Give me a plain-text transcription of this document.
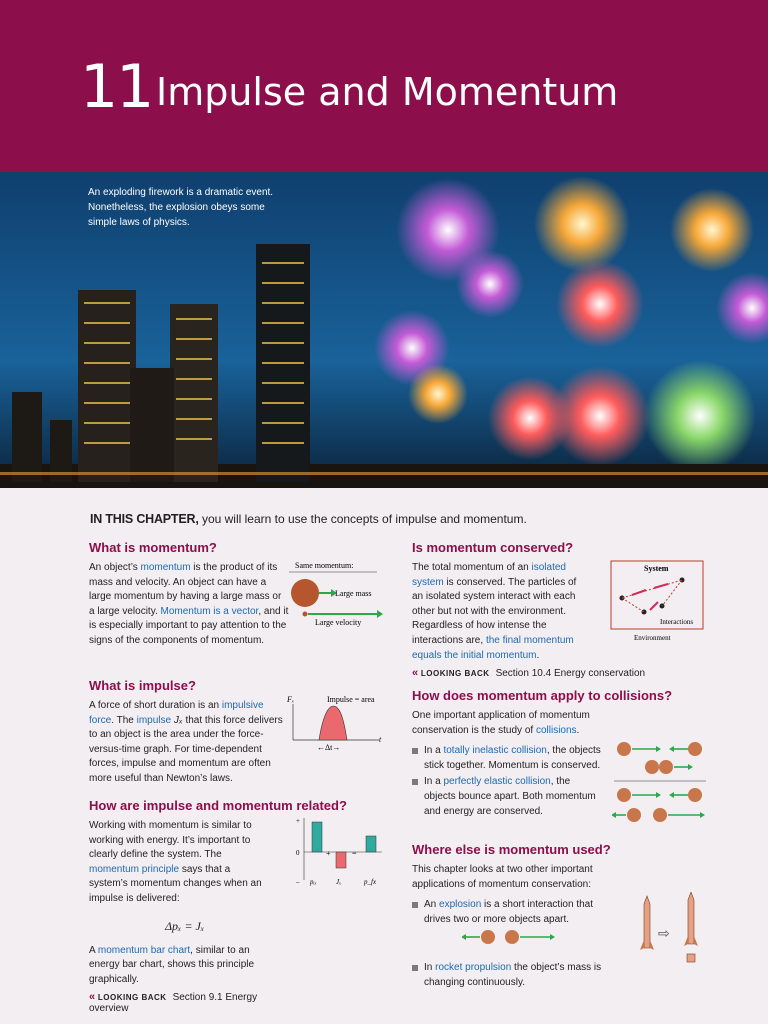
11 Impulse and Momentum
An exploding firework is a dramatic event. Nonetheless, the explosion obeys some simple laws of physics.
IN THIS CHAPTER, you will learn to use the concepts of impulse and momentum.
What is momentum?

An object’s momentum is the product of its mass and velocity. An object can have a large momentum by having a large mass or a large velocity. Momentum is a vector, and it is especially important to pay attention to the signs of the components of momentum.

Same momentum:
Large mass
Large velocity
What is impulse?

A force of short duration is an impulsive force. The impulse Jₓ that this force delivers to an object is the area under the force-versus-time graph. For time-dependent forces, impulse and momentum are often more useful than Newton’s laws.

Fₓ	Impulse = area
←Δt→
t
How are impulse and momentum related?

Working with momentum is similar to working with energy. It’s important to clearly define the system. The momentum principle says that a system’s momentum changes when an impulse is delivered:

Δpₓ = Jₓ

A momentum bar chart, similar to an energy bar chart, shows this principle graphically.

« LOOKING BACK Section 9.1 Energy overview
+
0
– pᵢₓ
+
Jₓ
=
p_fx
Is momentum conserved?

The total momentum of an isolated system is conserved. The particles of an isolated system interact with each other but not with the environment. Regardless of how intense the interactions are, the final momentum equals the initial momentum.

« LOOKING BACK Section 10.4 Energy conservation
System
Interactions
Environment
How does momentum apply to collisions?

One important application of momentum conservation is the study of collisions.

In a totally inelastic collision, the objects stick together. Momentum is conserved.

In a perfectly elastic collision, the objects bounce apart. Both momentum and energy are conserved.

Where else is momentum used?

This chapter looks at two other important applications of momentum conservation:

An explosion is a short interaction that drives two or more objects apart.

In rocket propulsion the object’s mass is changing continuously.

⇨
